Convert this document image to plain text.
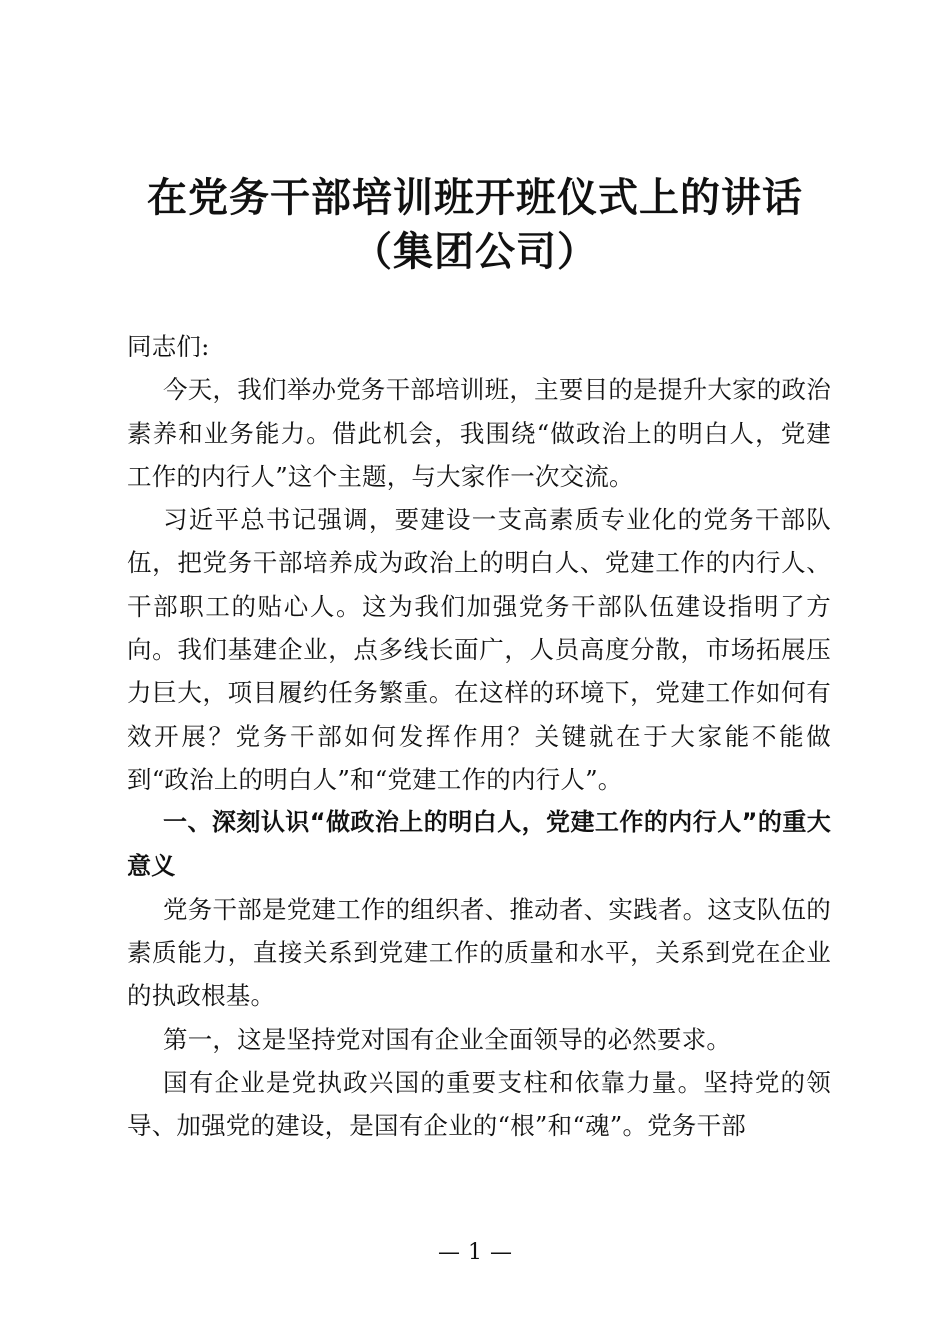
在党务干部培训班开班仪式上的讲话
（集团公司）

同志们:

今天，我们举办党务干部培训班，主要目的是提升大家的政治素养和业务能力。借此机会，我围绕“做政治上的明白人，党建工作的内行人”这个主题，与大家作一次交流。

习近平总书记强调，要建设一支高素质专业化的党务干部队伍，把党务干部培养成为政治上的明白人、党建工作的内行人、干部职工的贴心人。这为我们加强党务干部队伍建设指明了方向。我们基建企业，点多线长面广，人员高度分散，市场拓展压力巨大，项目履约任务繁重。在这样的环境下，党建工作如何有效开展？党务干部如何发挥作用？关键就在于大家能不能做到“政治上的明白人”和“党建工作的内行人”。

一、深刻认识“做政治上的明白人，党建工作的内行人”的重大意义

党务干部是党建工作的组织者、推动者、实践者。这支队伍的素质能力，直接关系到党建工作的质量和水平，关系到党在企业的执政根基。

第一，这是坚持党对国有企业全面领导的必然要求。

国有企业是党执政兴国的重要支柱和依靠力量。坚持党的领导、加强党的建设，是国有企业的“根”和“魂”。党务干部

— 1 —
